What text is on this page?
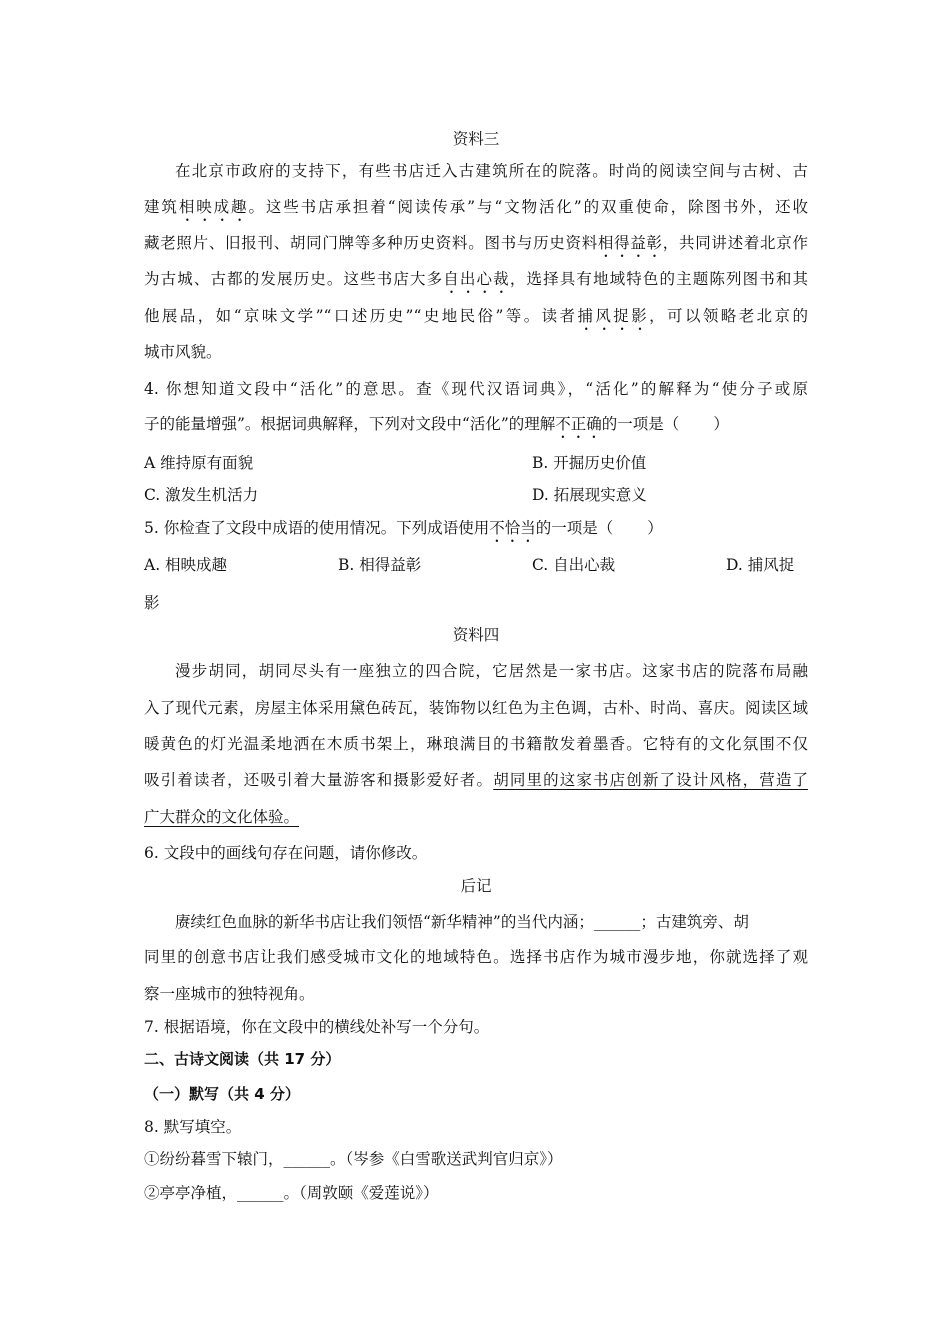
资料三
在北京市政府的支持下，有些书店迁入古建筑所在的院落。时尚的阅读空间与古树、古
建筑相映成趣。这些书店承担着“阅读传承”与“文物活化”的双重使命，除图书外，还收
藏老照片、旧报刊、胡同门牌等多种历史资料。图书与历史资料相得益彰，共同讲述着北京作
为古城、古都的发展历史。这些书店大多自出心裁，选择具有地域特色的主题陈列图书和其
他展品，如“京味文学”“口述历史”“史地民俗”等。读者捕风捉影，可以领略老北京的
城市风貌。
4. 你想知道文段中“活化”的意思。查《现代汉语词典》，“活化”的解释为“使分子或原
子的能量增强”。根据词典解释，下列对文段中“活化”的理解不正确的一项是（ ）
A 维持原有面貌	B. 开掘历史价值
C. 激发生机活力	D. 拓展现实意义
5. 你检查了文段中成语的使用情况。下列成语使用不恰当的一项是（ ）
A. 相映成趣	B. 相得益彰	C. 自出心裁	D. 捕风捉
影
资料四
漫步胡同，胡同尽头有一座独立的四合院，它居然是一家书店。这家书店的院落布局融
入了现代元素，房屋主体采用黛色砖瓦，装饰物以红色为主色调，古朴、时尚、喜庆。阅读区域
暖黄色的灯光温柔地洒在木质书架上，琳琅满目的书籍散发着墨香。它特有的文化氛围不仅
吸引着读者，还吸引着大量游客和摄影爱好者。胡同里的这家书店创新了设计风格，营造了
广大群众的文化体验。
6. 文段中的画线句存在问题，请你修改。
后记
赓续红色血脉的新华书店让我们领悟“新华精神”的当代内涵；______；古建筑旁、胡
同里的创意书店让我们感受城市文化的地域特色。选择书店作为城市漫步地，你就选择了观
察一座城市的独特视角。
7. 根据语境，你在文段中的横线处补写一个分句。
二、古诗文阅读（共 17 分）
（一）默写（共 4 分）
8. 默写填空。
①纷纷暮雪下辕门，______。（岑参《白雪歌送武判官归京》）
②亭亭净植，______。（周敦颐《爱莲说》）
